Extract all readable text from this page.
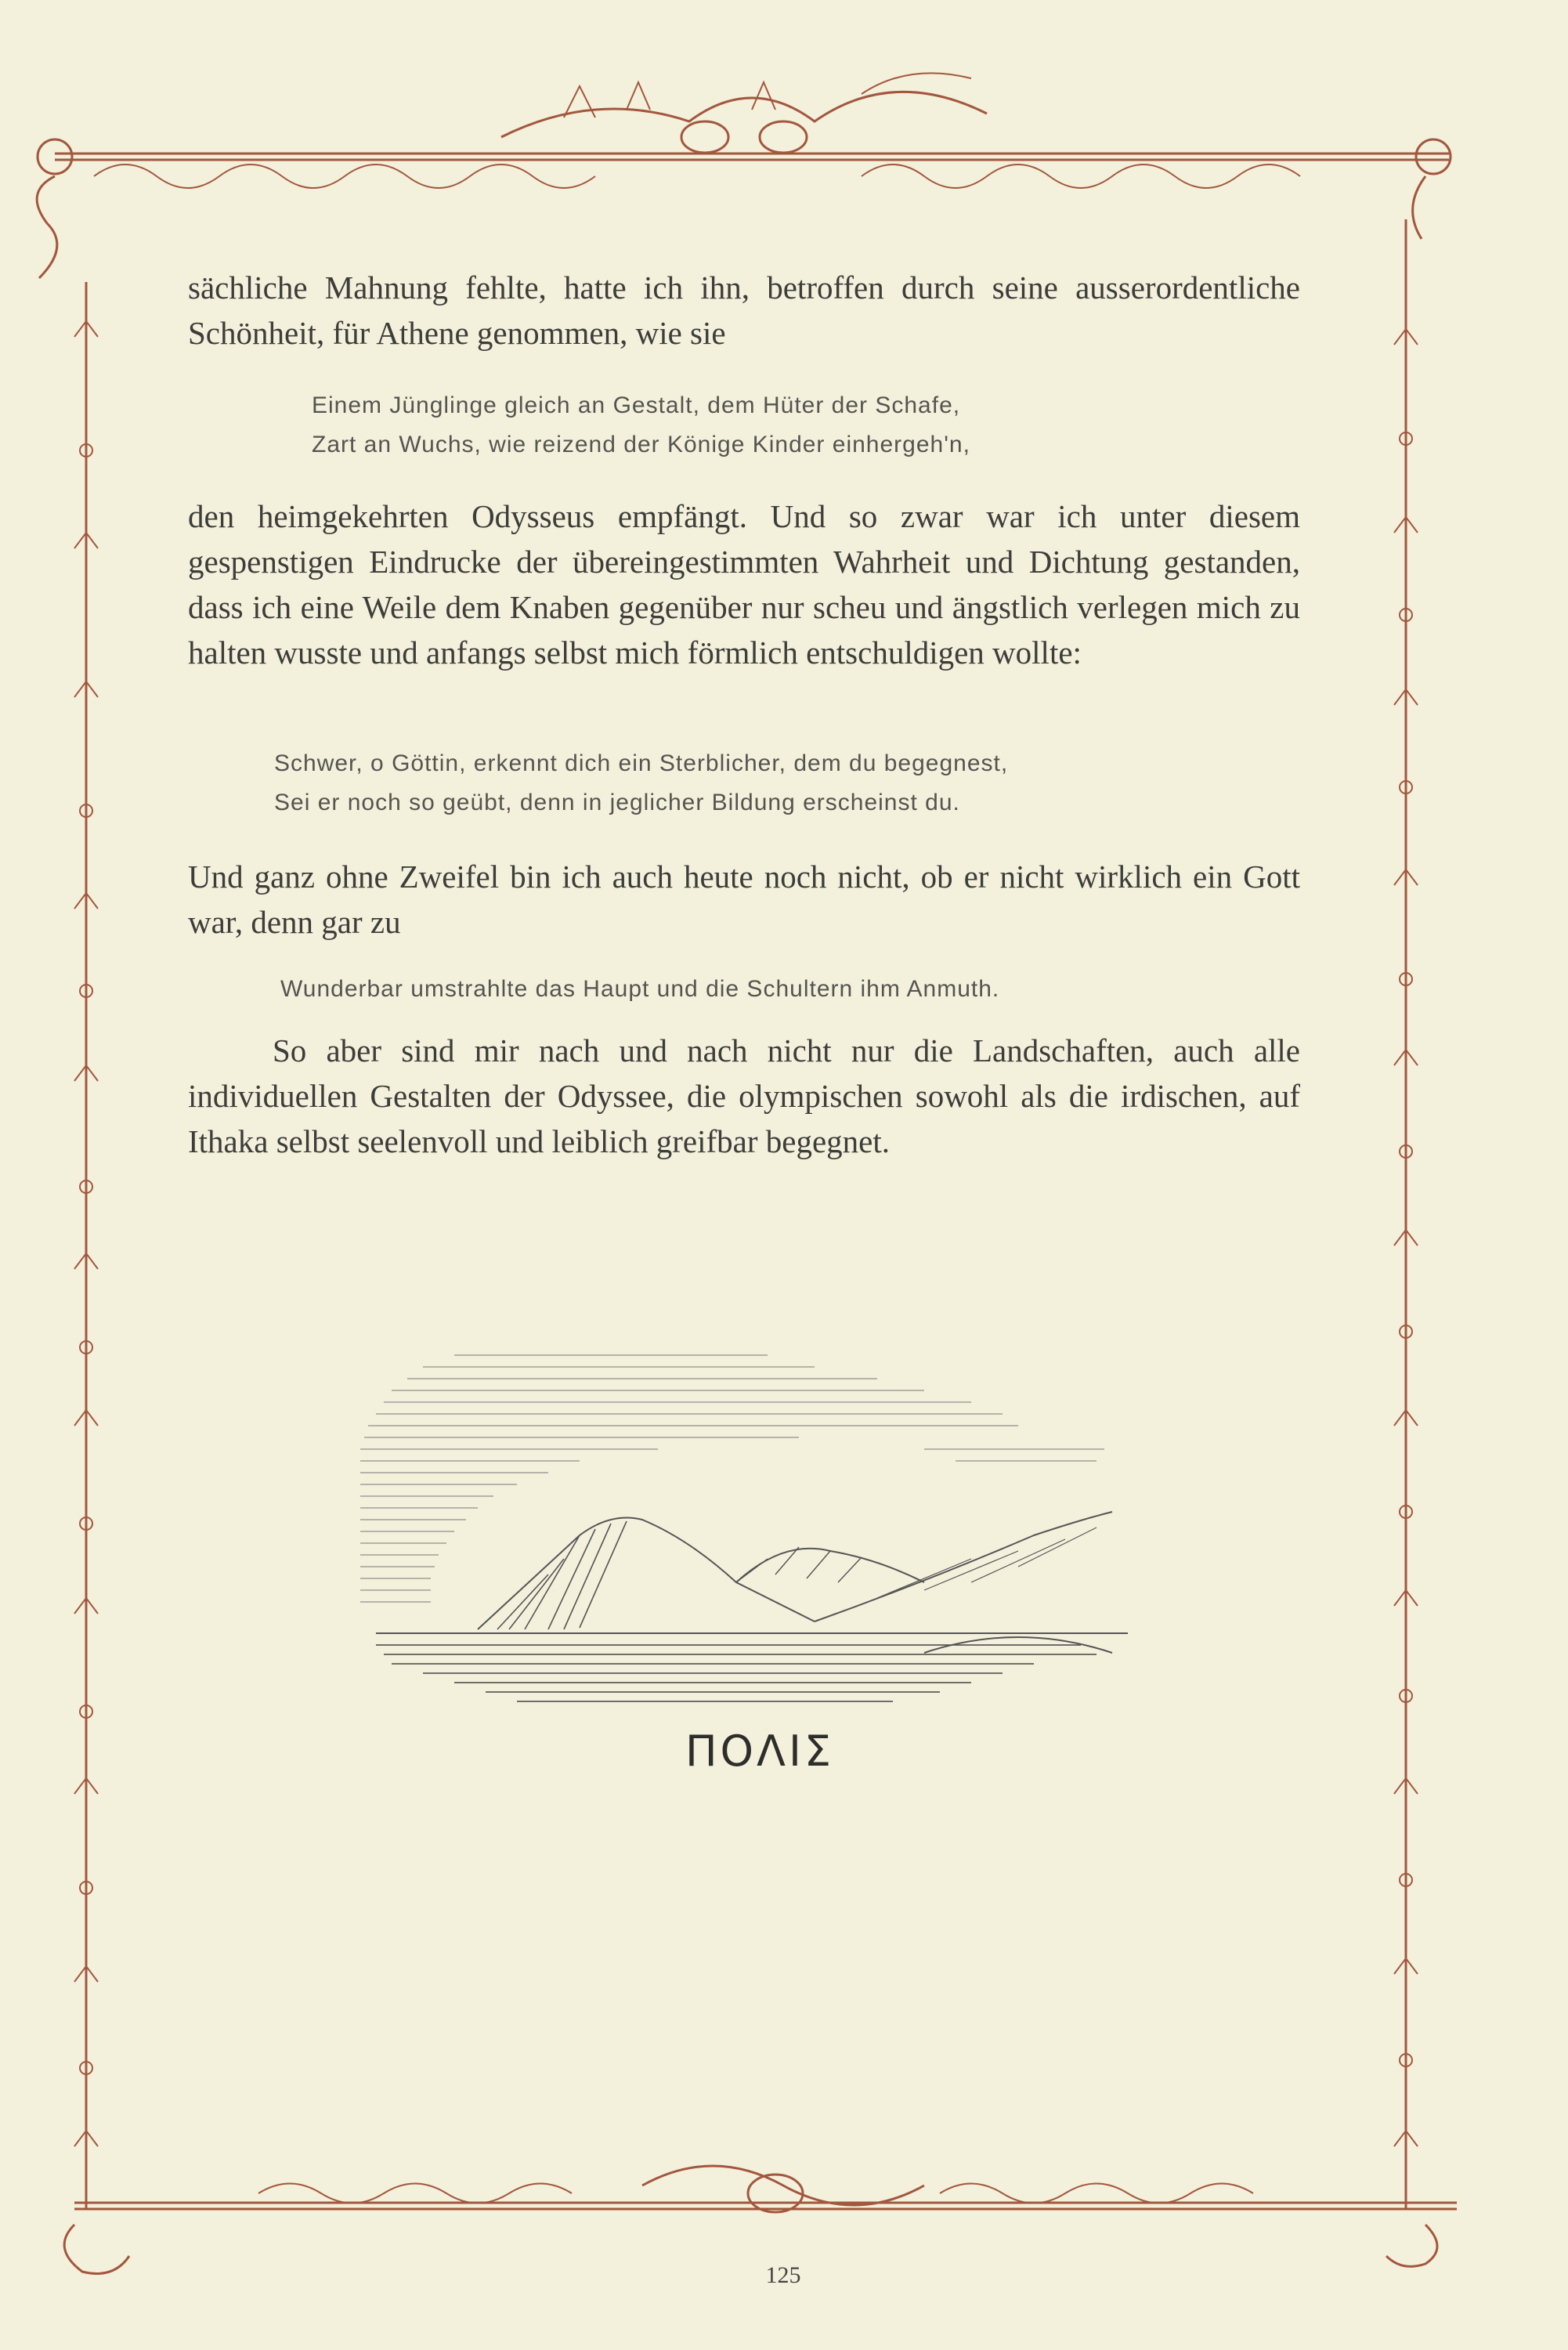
sächliche Mahnung fehlte, hatte ich ihn, betroffen durch seine ausserordentliche Schönheit, für Athene genommen, wie sie

Einem Jünglinge gleich an Gestalt, dem Hüter der Schafe,
Zart an Wuchs, wie reizend der Könige Kinder einhergeh'n,

den heimgekehrten Odysseus empfängt. Und so zwar war ich unter diesem gespenstigen Eindrucke der übereingestimmten Wahrheit und Dichtung gestanden, dass ich eine Weile dem Knaben gegenüber nur scheu und ängstlich verlegen mich zu halten wusste und anfangs selbst mich förmlich entschuldigen wollte:

Schwer, o Göttin, erkennt dich ein Sterblicher, dem du begegnest,
Sei er noch so geübt, denn in jeglicher Bildung erscheinst du.

Und ganz ohne Zweifel bin ich auch heute noch nicht, ob er nicht wirklich ein Gott war, denn gar zu

Wunderbar umstrahlte das Haupt und die Schultern ihm Anmuth.

So aber sind mir nach und nach nicht nur die Landschaften, auch alle individuellen Gestalten der Odyssee, die olympischen sowohl als die irdischen, auf Ithaka selbst seelenvoll und leiblich greifbar begegnet.

ΠΟΛΙΣ
125
